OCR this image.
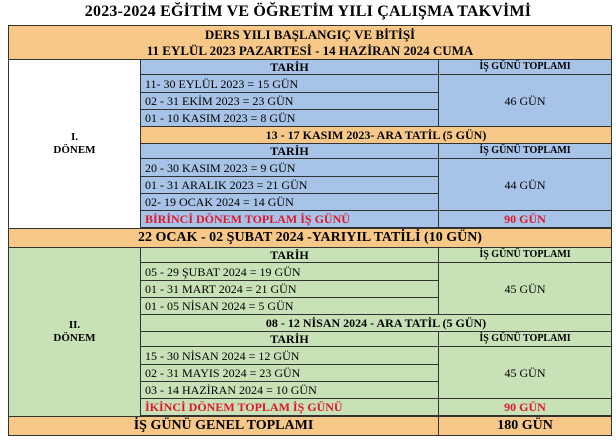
2023-2024 EĞİTİM VE ÖĞRETİM YILI ÇALIŞMA TAKVİMİ
DERS YILI BAŞLANGIÇ VE BİTİŞİ
11 EYLÜL 2023 PAZARTESİ - 14 HAZİRAN 2024 CUMA		

I.
DÖNEM	TARİH	İŞ GÜNÜ TOPLAMI
	11- 30 EYLÜL 2023 = 15 GÜN	46 GÜN
	02 - 31 EKİM 2023 = 23 GÜN	
	01 - 10 KASIM 2023 = 8 GÜN	
	13 - 17 KASIM 2023- ARA TATİL (5 GÜN)	
	TARİH	İŞ GÜNÜ TOPLAMI
	20 - 30 KASIM 2023 = 9 GÜN	44 GÜN
	01 - 31 ARALIK 2023 = 21 GÜN	
	02- 19 OCAK 2024 = 14 GÜN	
	BİRİNCİ DÖNEM TOPLAM İŞ GÜNÜ	90 GÜN

22 OCAK - 02 ŞUBAT 2024 -YARIYIL TATİLİ (10 GÜN)		

II.
DÖNEM	TARİH	İŞ GÜNÜ TOPLAMI
	05 - 29 ŞUBAT 2024 = 19 GÜN	45 GÜN
	01 - 31 MART 2024 = 21 GÜN	
	01 - 05 NİSAN 2024 = 5 GÜN	
	08 - 12 NİSAN 2024 - ARA TATİL (5 GÜN)	
	TARİH	İŞ GÜNÜ TOPLAMI
	15 - 30 NİSAN 2024 = 12 GÜN	45 GÜN
	02 - 31 MAYIS 2024 = 23 GÜN	
	03 - 14 HAZİRAN 2024 = 10 GÜN	
	İKİNCİ DÖNEM TOPLAM İŞ GÜNÜ	90 GÜN

İŞ GÜNÜ GENEL TOPLAMI		180 GÜN
